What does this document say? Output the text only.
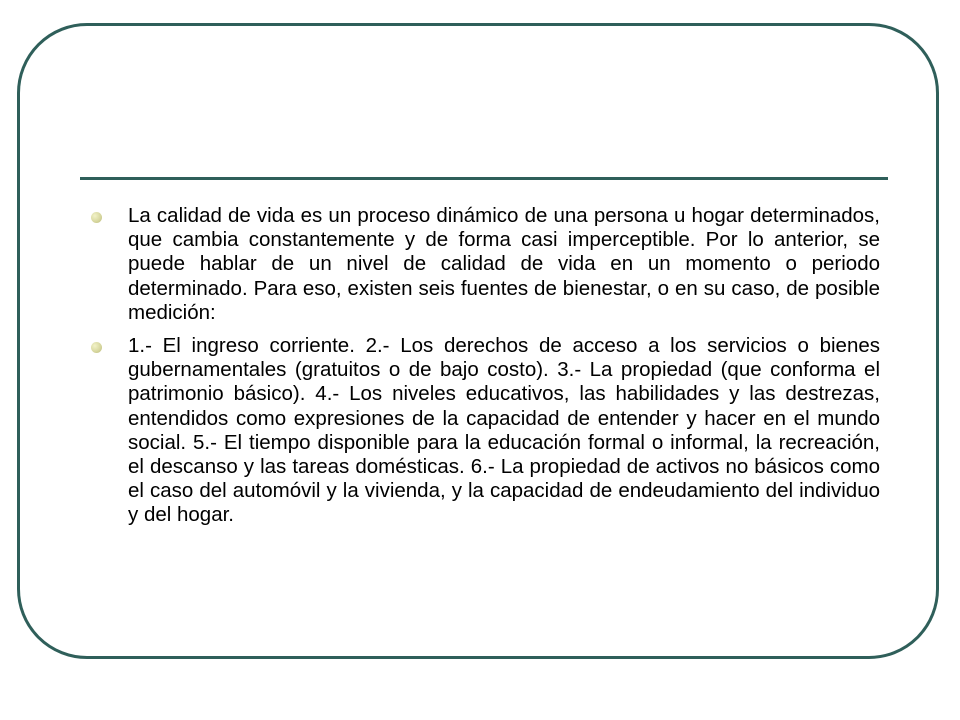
La calidad de vida es un proceso dinámico de una persona u hogar determinados, que cambia constantemente y de forma casi imperceptible. Por lo anterior, se puede hablar de un nivel de calidad de vida en un momento o periodo determinado. Para eso, existen seis fuentes de bienestar, o en su caso, de posible medición:
1.- El ingreso corriente. 2.- Los derechos de acceso a los servicios o bienes gubernamentales (gratuitos o de bajo costo). 3.- La propiedad (que conforma el patrimonio básico). 4.- Los niveles educativos, las habilidades y las destrezas, entendidos como expresiones de la capacidad de entender y hacer en el mundo social. 5.- El tiempo disponible para la educación formal o informal, la recreación, el descanso y las tareas domésticas. 6.- La propiedad de activos no básicos como el caso del automóvil y la vivienda, y la capacidad de endeudamiento del individuo y del hogar.
